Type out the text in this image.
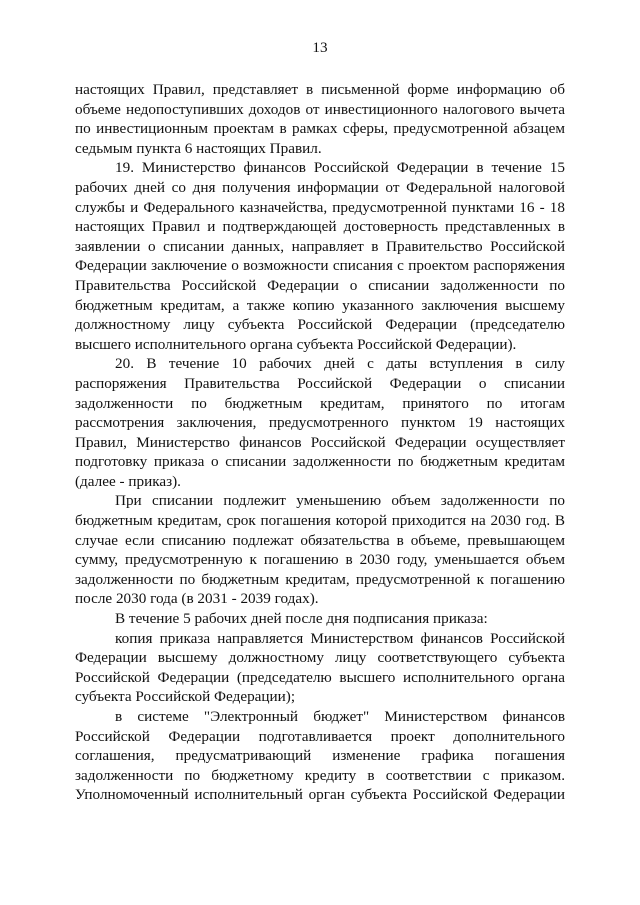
13

настоящих Правил, представляет в письменной форме информацию об объеме недопоступивших доходов от инвестиционного налогового вычета по инвестиционным проектам в рамках сферы, предусмотренной абзацем седьмым пункта 6 настоящих Правил.

19. Министерство финансов Российской Федерации в течение 15 рабочих дней со дня получения информации от Федеральной налоговой службы и Федерального казначейства, предусмотренной пунктами 16 - 18 настоящих Правил и подтверждающей достоверность представленных в заявлении о списании данных, направляет в Правительство Российской Федерации заключение о возможности списания с проектом распоряжения Правительства Российской Федерации о списании задолженности по бюджетным кредитам, а также копию указанного заключения высшему должностному лицу субъекта Российской Федерации (председателю высшего исполнительного органа субъекта Российской Федерации).

20. В течение 10 рабочих дней с даты вступления в силу распоряжения Правительства Российской Федерации о списании задолженности по бюджетным кредитам, принятого по итогам рассмотрения заключения, предусмотренного пунктом 19 настоящих Правил, Министерство финансов Российской Федерации осуществляет подготовку приказа о списании задолженности по бюджетным кредитам (далее - приказ).

При списании подлежит уменьшению объем задолженности по бюджетным кредитам, срок погашения которой приходится на 2030 год. В случае если списанию подлежат обязательства в объеме, превышающем сумму, предусмотренную к погашению в 2030 году, уменьшается объем задолженности по бюджетным кредитам, предусмотренной к погашению после 2030 года (в 2031 - 2039 годах).

В течение 5 рабочих дней после дня подписания приказа:

копия приказа направляется Министерством финансов Российской Федерации высшему должностному лицу соответствующего субъекта Российской Федерации (председателю высшего исполнительного органа субъекта Российской Федерации);

в системе "Электронный бюджет" Министерством финансов Российской Федерации подготавливается проект дополнительного соглашения, предусматривающий изменение графика погашения задолженности по бюджетному кредиту в соответствии с приказом. Уполномоченный исполнительный орган субъекта Российской Федерации
